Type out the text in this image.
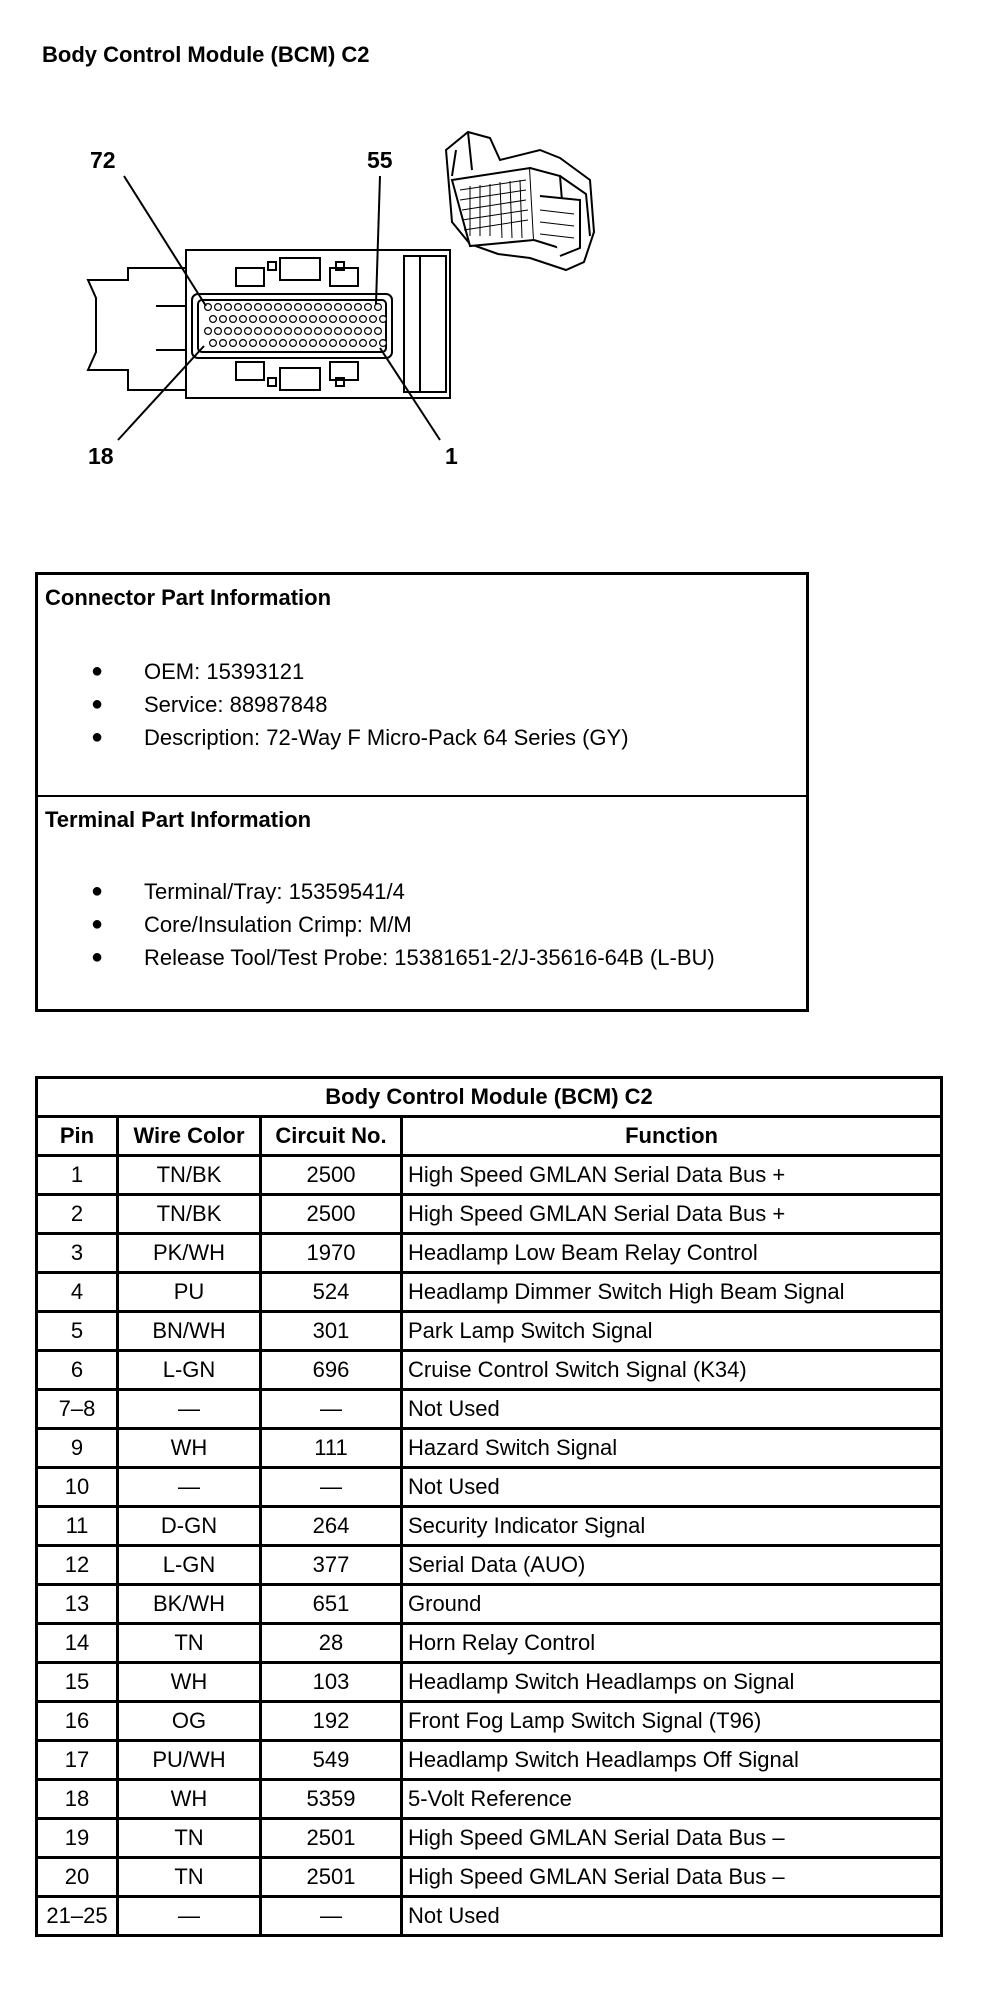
Body Control Module (BCM) C2
72	55
18	1
Connector Part Information
● OEM: 15393121
● Service: 88987848
● Description: 72-Way F Micro-Pack 64 Series (GY)
Terminal Part Information
● Terminal/Tray: 15359541/4
● Core/Insulation Crimp: M/M
● Release Tool/Test Probe: 15381651-2/J-35616-64B (L-BU)
Body Control Module (BCM) C2			
Pin	Wire Color	Circuit No.	Function
1	TN/BK	2500	High Speed GMLAN Serial Data Bus +
2	TN/BK	2500	High Speed GMLAN Serial Data Bus +
3	PK/WH	1970	Headlamp Low Beam Relay Control
4	PU	524	Headlamp Dimmer Switch High Beam Signal
5	BN/WH	301	Park Lamp Switch Signal
6	L-GN	696	Cruise Control Switch Signal (K34)
7–8	—	—	Not Used
9	WH	111	Hazard Switch Signal
10	—	—	Not Used
11	D-GN	264	Security Indicator Signal
12	L-GN	377	Serial Data (AUO)
13	BK/WH	651	Ground
14	TN	28	Horn Relay Control
15	WH	103	Headlamp Switch Headlamps on Signal
16	OG	192	Front Fog Lamp Switch Signal (T96)
17	PU/WH	549	Headlamp Switch Headlamps Off Signal
18	WH	5359	5-Volt Reference
19	TN	2501	High Speed GMLAN Serial Data Bus –
20	TN	2501	High Speed GMLAN Serial Data Bus –
21–25	—	—	Not Used
